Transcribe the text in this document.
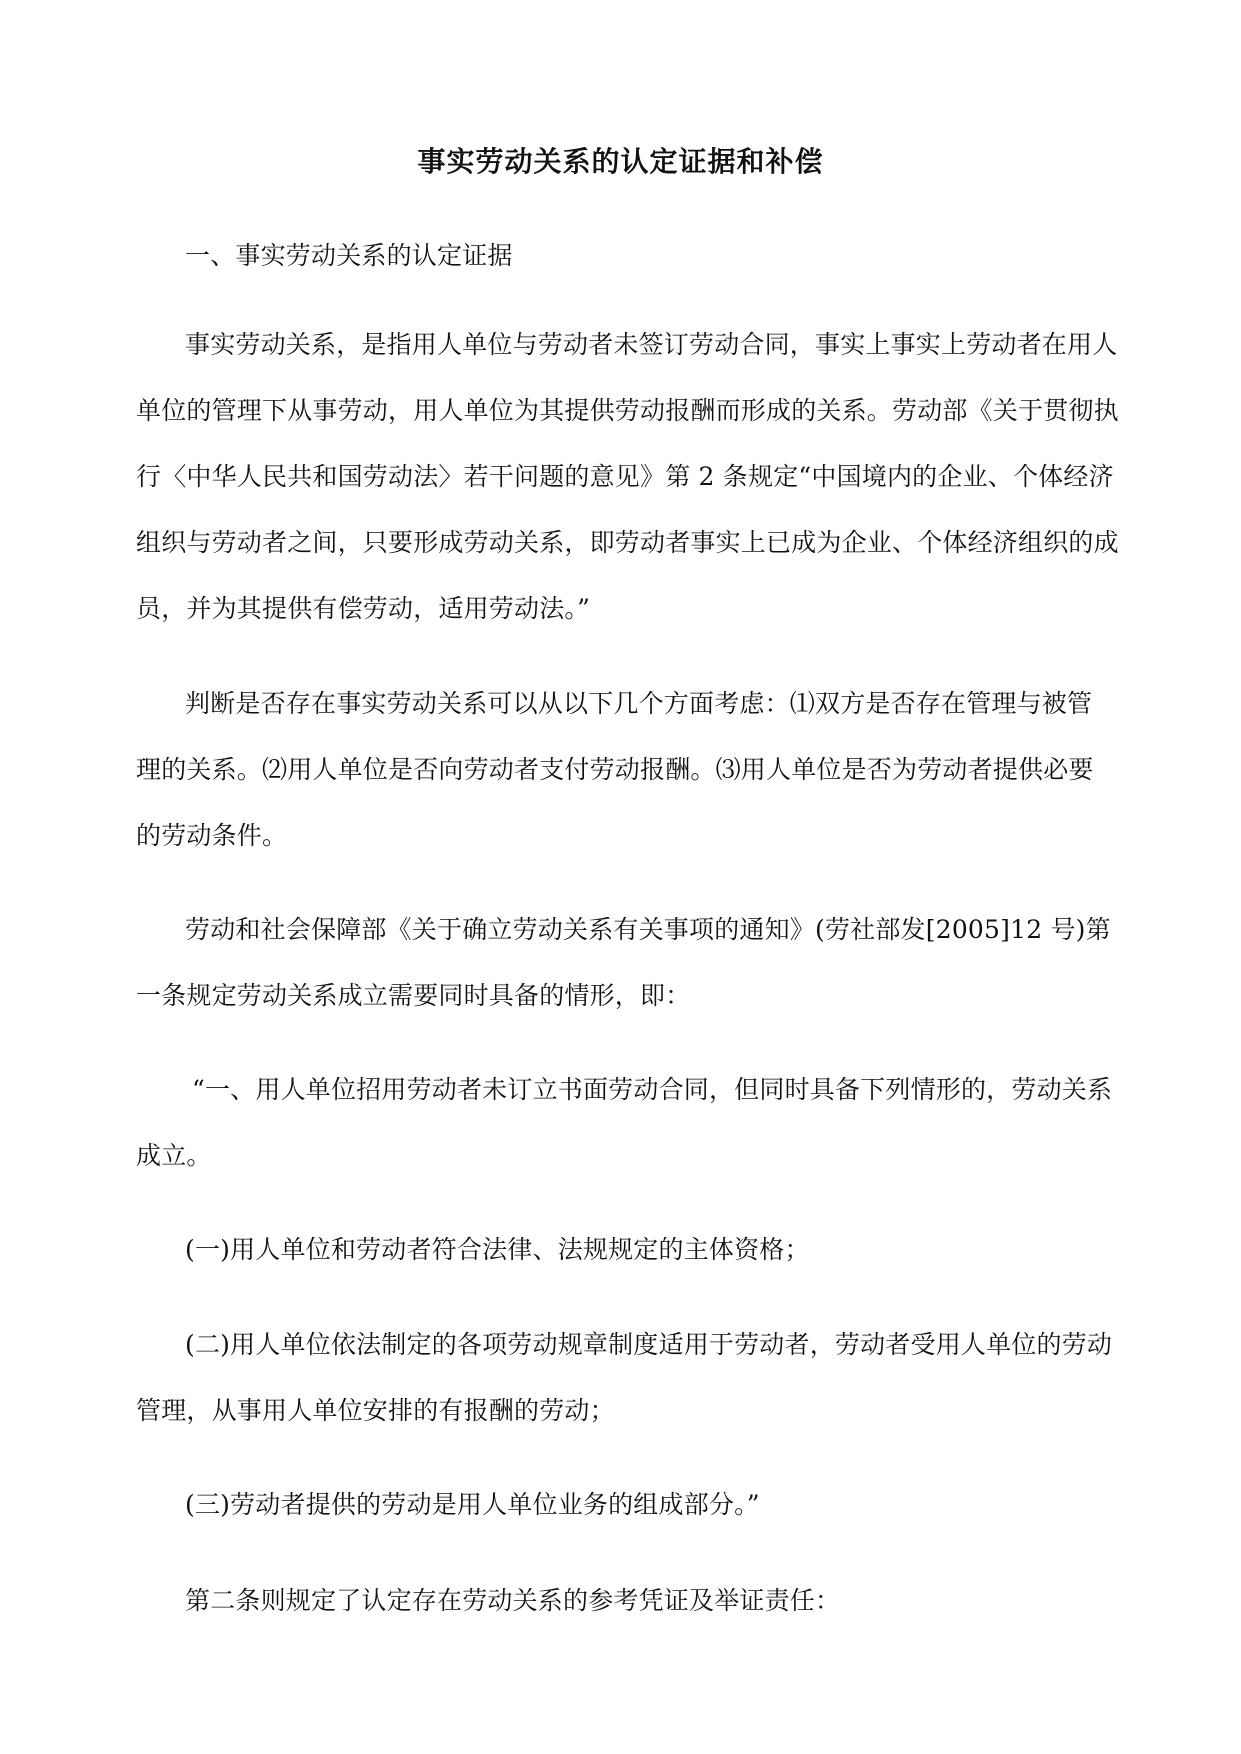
事实劳动关系的认定证据和补偿
一、事实劳动关系的认定证据
事实劳动关系，是指用人单位与劳动者未签订劳动合同，事实上事实上劳动者在用人
单位的管理下从事劳动，用人单位为其提供劳动报酬而形成的关系。劳动部《关于贯彻执
行〈中华人民共和国劳动法〉若干问题的意见》第 2 条规定“中国境内的企业、个体经济
组织与劳动者之间，只要形成劳动关系，即劳动者事实上已成为企业、个体经济组织的成
员，并为其提供有偿劳动，适用劳动法。”
判断是否存在事实劳动关系可以从以下几个方面考虑：⑴双方是否存在管理与被管
理的关系。⑵用人单位是否向劳动者支付劳动报酬。⑶用人单位是否为劳动者提供必要
的劳动条件。
劳动和社会保障部《关于确立劳动关系有关事项的通知》(劳社部发[2005]12 号)第
一条规定劳动关系成立需要同时具备的情形，即：
“一、用人单位招用劳动者未订立书面劳动合同，但同时具备下列情形的，劳动关系
成立。
(一)用人单位和劳动者符合法律、法规规定的主体资格；
(二)用人单位依法制定的各项劳动规章制度适用于劳动者，劳动者受用人单位的劳动
管理，从事用人单位安排的有报酬的劳动；
(三)劳动者提供的劳动是用人单位业务的组成部分。”
第二条则规定了认定存在劳动关系的参考凭证及举证责任：
